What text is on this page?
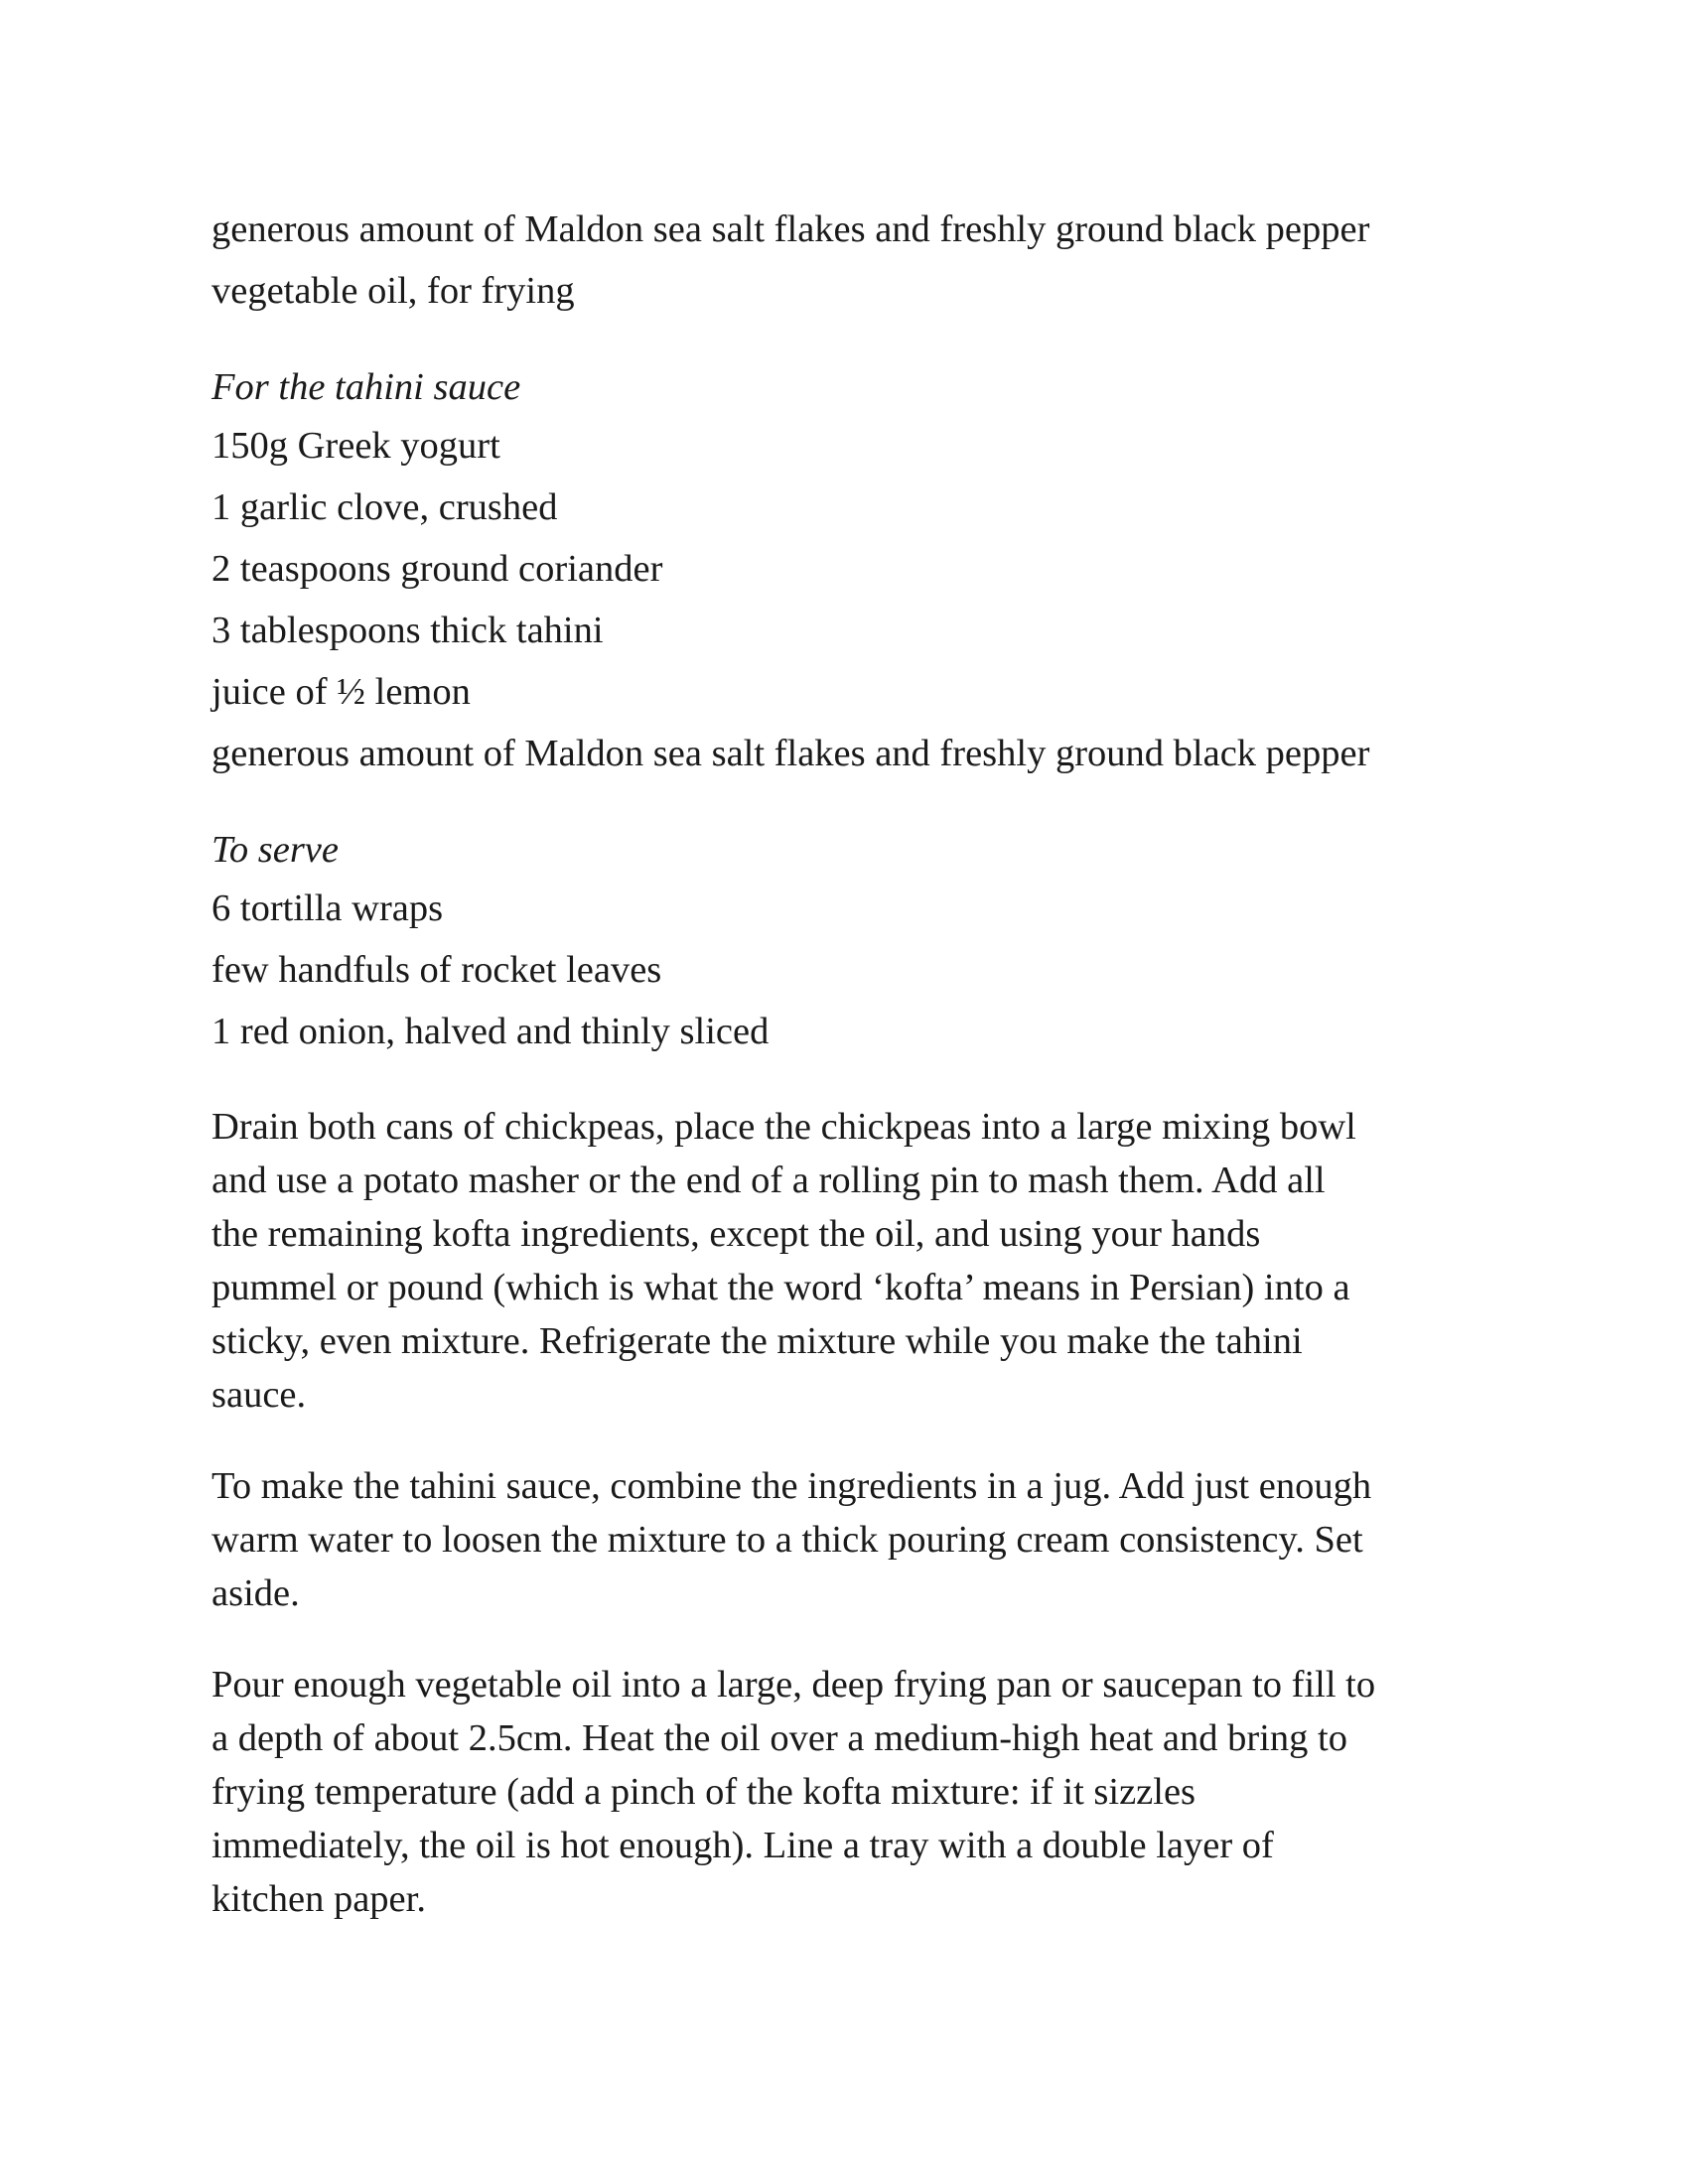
generous amount of Maldon sea salt flakes and freshly ground black pepper
vegetable oil, for frying
For the tahini sauce
150g Greek yogurt
1 garlic clove, crushed
2 teaspoons ground coriander
3 tablespoons thick tahini
juice of ½ lemon
generous amount of Maldon sea salt flakes and freshly ground black pepper
To serve
6 tortilla wraps
few handfuls of rocket leaves
1 red onion, halved and thinly sliced
Drain both cans of chickpeas, place the chickpeas into a large mixing bowl
and use a potato masher or the end of a rolling pin to mash them. Add all
the remaining kofta ingredients, except the oil, and using your hands
pummel or pound (which is what the word ‘kofta’ means in Persian) into a
sticky, even mixture. Refrigerate the mixture while you make the tahini
sauce.
To make the tahini sauce, combine the ingredients in a jug. Add just enough
warm water to loosen the mixture to a thick pouring cream consistency. Set
aside.
Pour enough vegetable oil into a large, deep frying pan or saucepan to fill to
a depth of about 2.5cm. Heat the oil over a medium-high heat and bring to
frying temperature (add a pinch of the kofta mixture: if it sizzles
immediately, the oil is hot enough). Line a tray with a double layer of
kitchen paper.
